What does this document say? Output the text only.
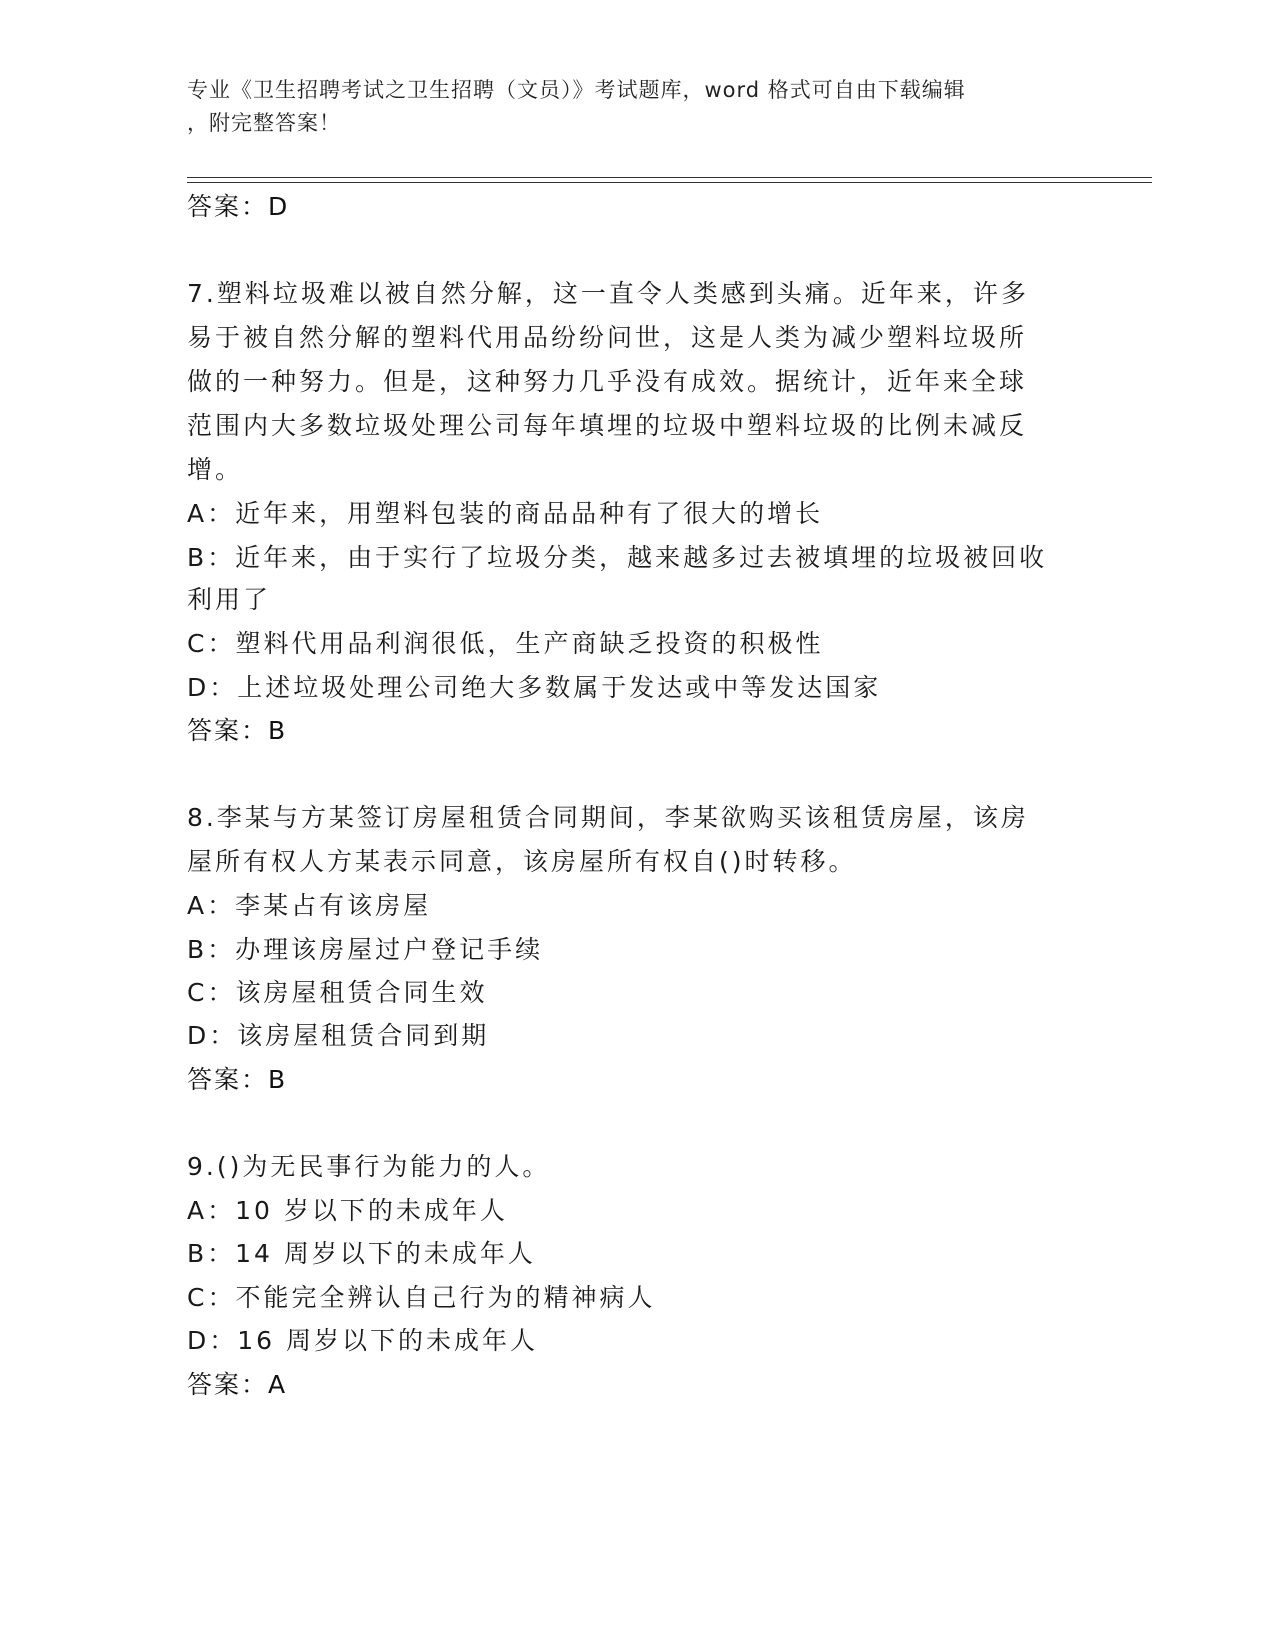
专业《卫生招聘考试之卫生招聘（文员）》考试题库，word 格式可自由下载编辑
，附完整答案！
答案：D
7.塑料垃圾难以被自然分解，这一直令人类感到头痛。近年来，许多
易于被自然分解的塑料代用品纷纷问世，这是人类为减少塑料垃圾所
做的一种努力。但是，这种努力几乎没有成效。据统计，近年来全球
范围内大多数垃圾处理公司每年填埋的垃圾中塑料垃圾的比例未减反
增。
A：近年来，用塑料包装的商品品种有了很大的增长
B：近年来，由于实行了垃圾分类，越来越多过去被填埋的垃圾被回收
利用了
C：塑料代用品利润很低，生产商缺乏投资的积极性
D：上述垃圾处理公司绝大多数属于发达或中等发达国家
答案：B
8.李某与方某签订房屋租赁合同期间，李某欲购买该租赁房屋，该房
屋所有权人方某表示同意，该房屋所有权自()时转移。
A：李某占有该房屋
B：办理该房屋过户登记手续
C：该房屋租赁合同生效
D：该房屋租赁合同到期
答案：B
9.()为无民事行为能力的人。
A：10 岁以下的未成年人
B：14 周岁以下的未成年人
C：不能完全辨认自己行为的精神病人
D：16 周岁以下的未成年人
答案：A
